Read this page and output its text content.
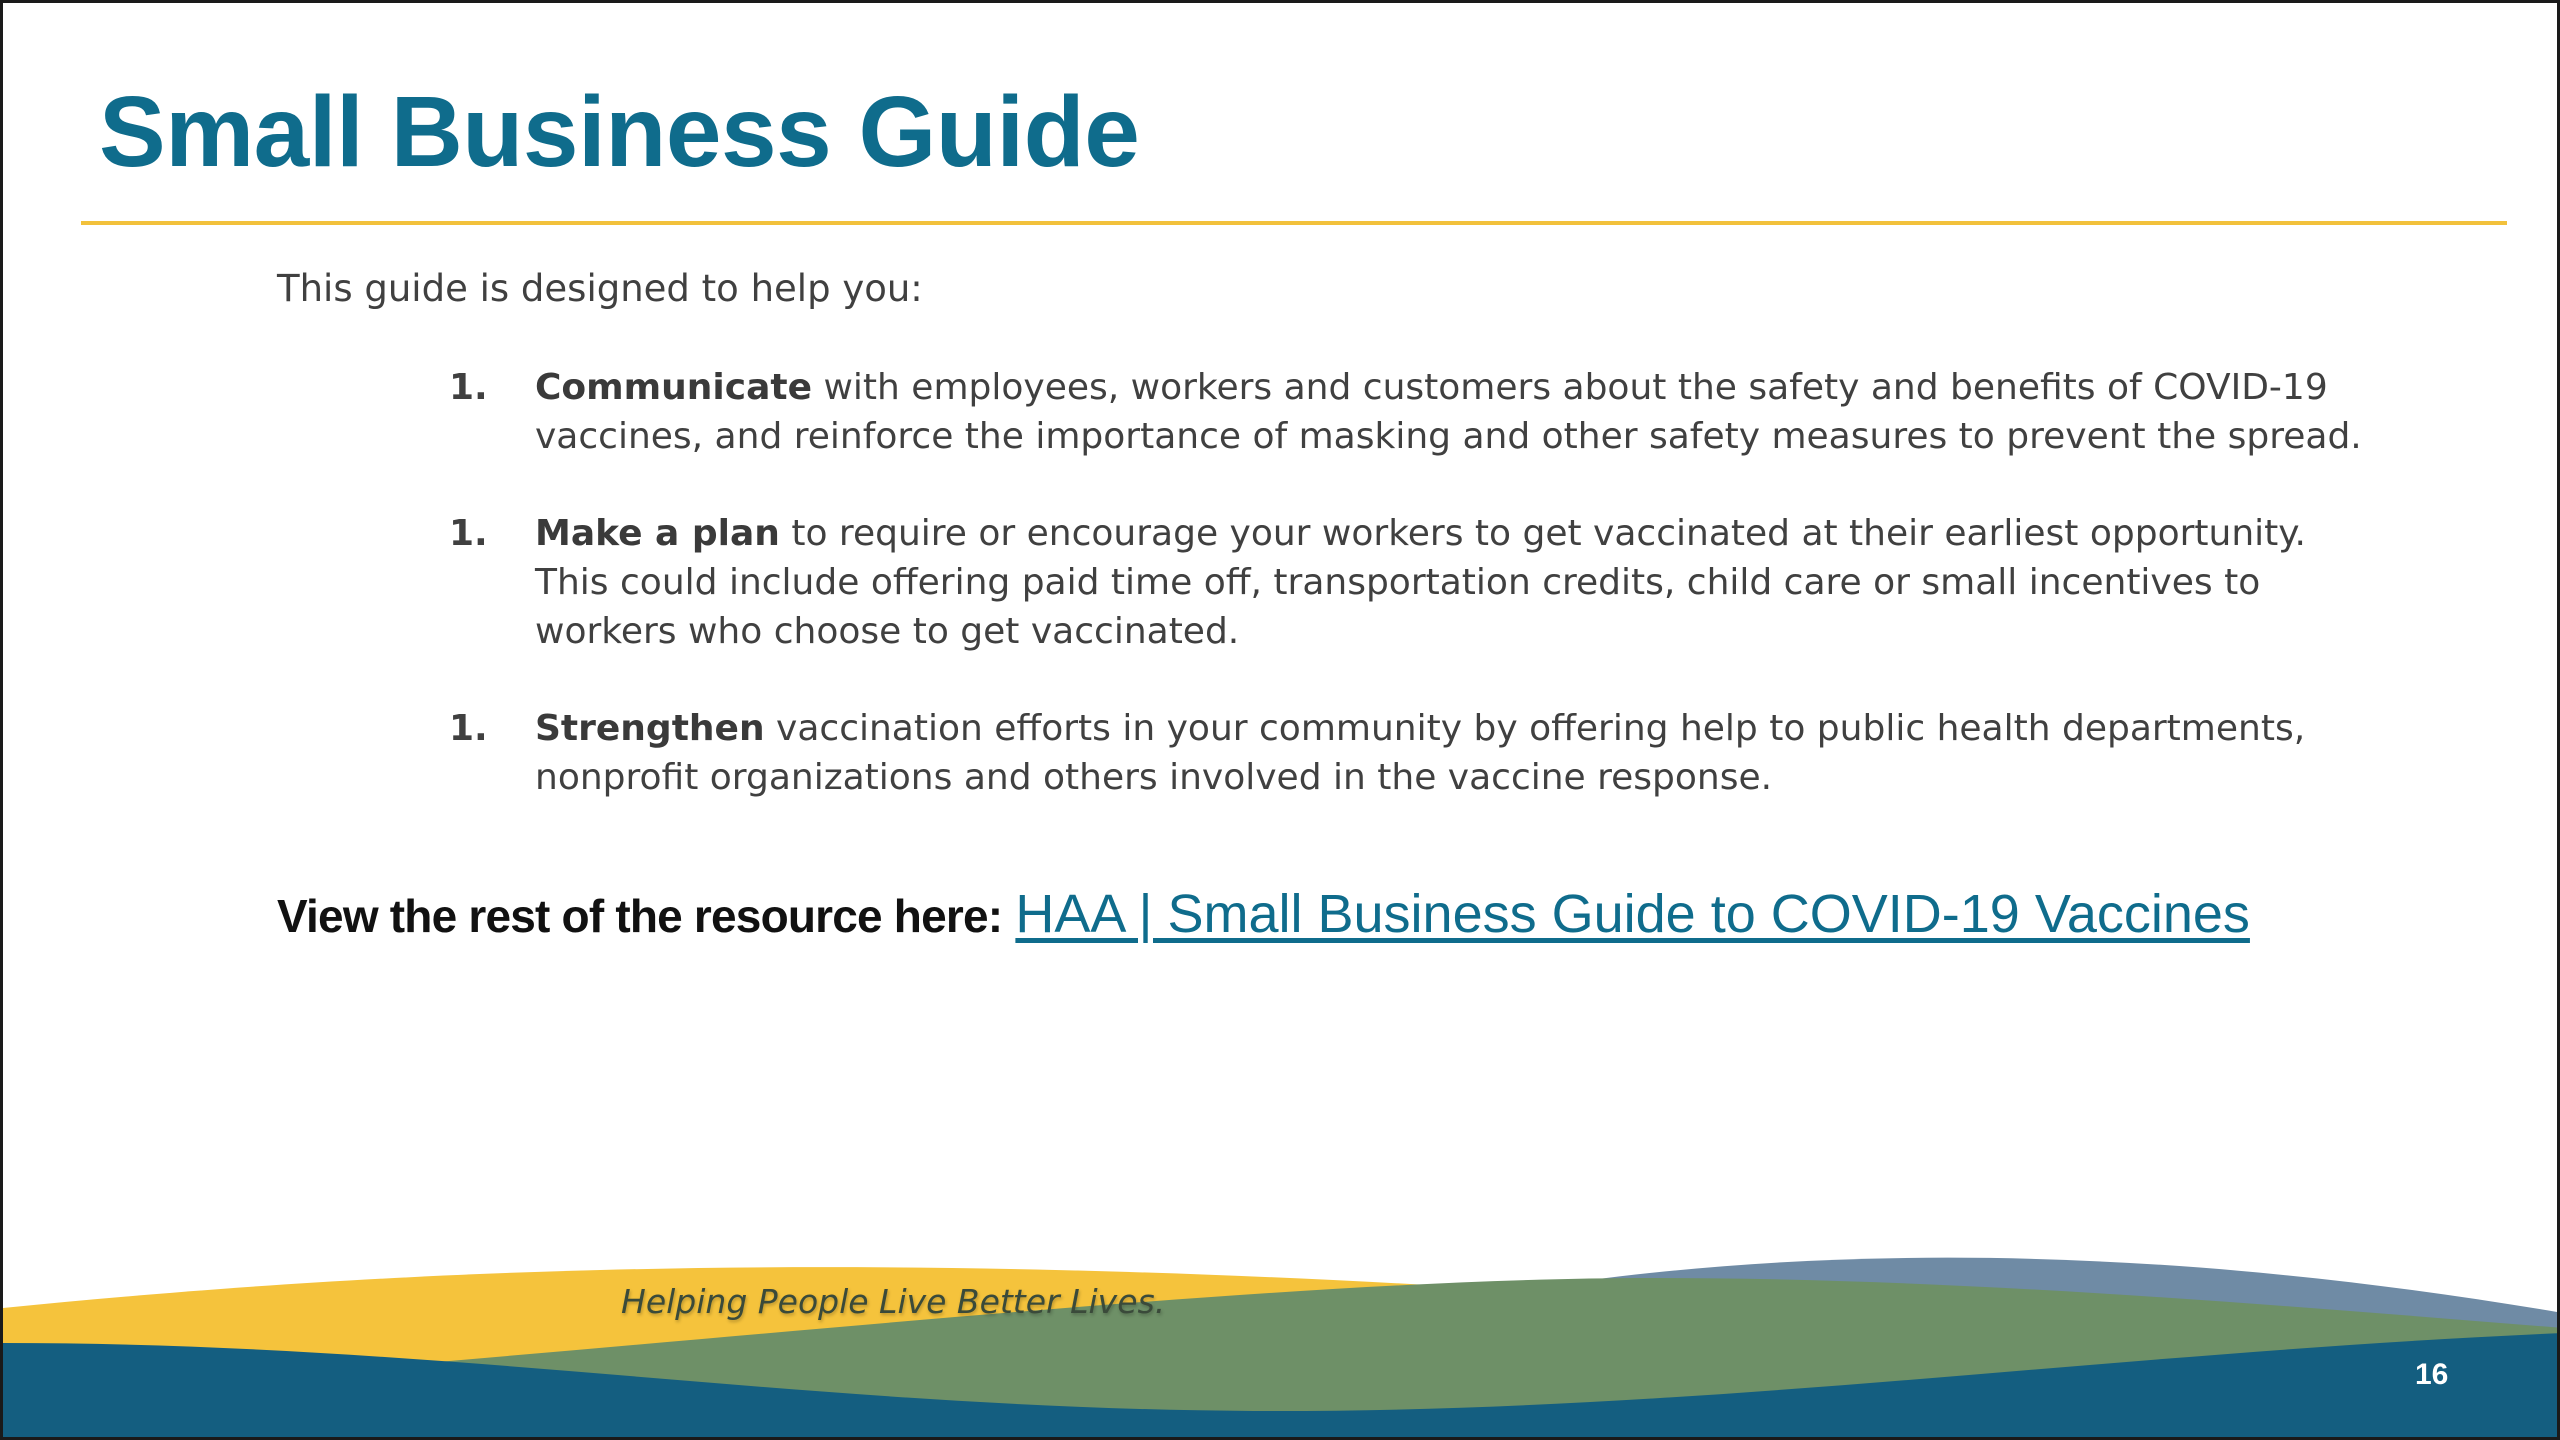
Small Business Guide
This guide is designed to help you:
1. Communicate with employees, workers and customers about the safety and benefits of COVID-19 vaccines, and reinforce the importance of masking and other safety measures to prevent the spread.
1. Make a plan to require or encourage your workers to get vaccinated at their earliest opportunity. This could include offering paid time off, transportation credits, child care or small incentives to workers who choose to get vaccinated.
1. Strengthen vaccination efforts in your community by offering help to public health departments, nonprofit organizations and others involved in the vaccine response.
View the rest of the resource here: HAA | Small Business Guide to COVID-19 Vaccines
Helping People Live Better Lives.
16
